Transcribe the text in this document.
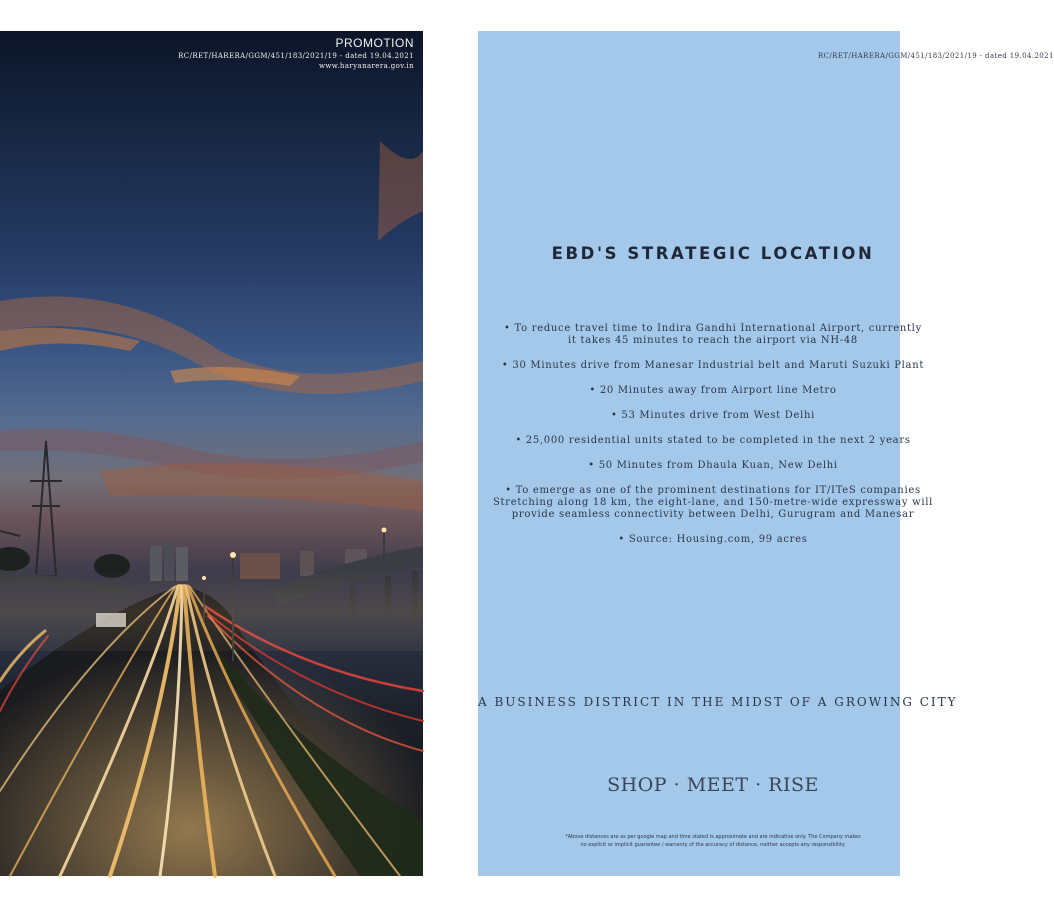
PROMOTION
RC/RET/HARERA/GGM/451/183/2021/19 - dated 19.04.2021
www.haryanarera.gov.in
RC/RET/HARERA/GGM/451/183/2021/19 - dated 19.04.2021
EBD'S STRATEGIC LOCATION
• To reduce travel time to Indira Gandhi International Airport, currently
it takes 45 minutes to reach the airport via NH-48
• 30 Minutes drive from Manesar Industrial belt and Maruti Suzuki Plant
• 20 Minutes away from Airport line Metro
• 53 Minutes drive from West Delhi
• 25,000 residential units stated to be completed in the next 2 years
• 50 Minutes from Dhaula Kuan, New Delhi
• To emerge as one of the prominent destinations for IT/ITeS companies
Stretching along 18 km, the eight-lane, and 150-metre-wide expressway will
provide seamless connectivity between Delhi, Gurugram and Manesar
• Source: Housing.com, 99 acres
A BUSINESS DISTRICT IN THE MIDST OF A GROWING CITY
SHOP · MEET · RISE
*Above distances are as per google map and time stated is approximate and are indicative only. The Company makes
no explicit or implicit guarantee / warranty of the accuracy of distance, neither accepts any responsibility.
